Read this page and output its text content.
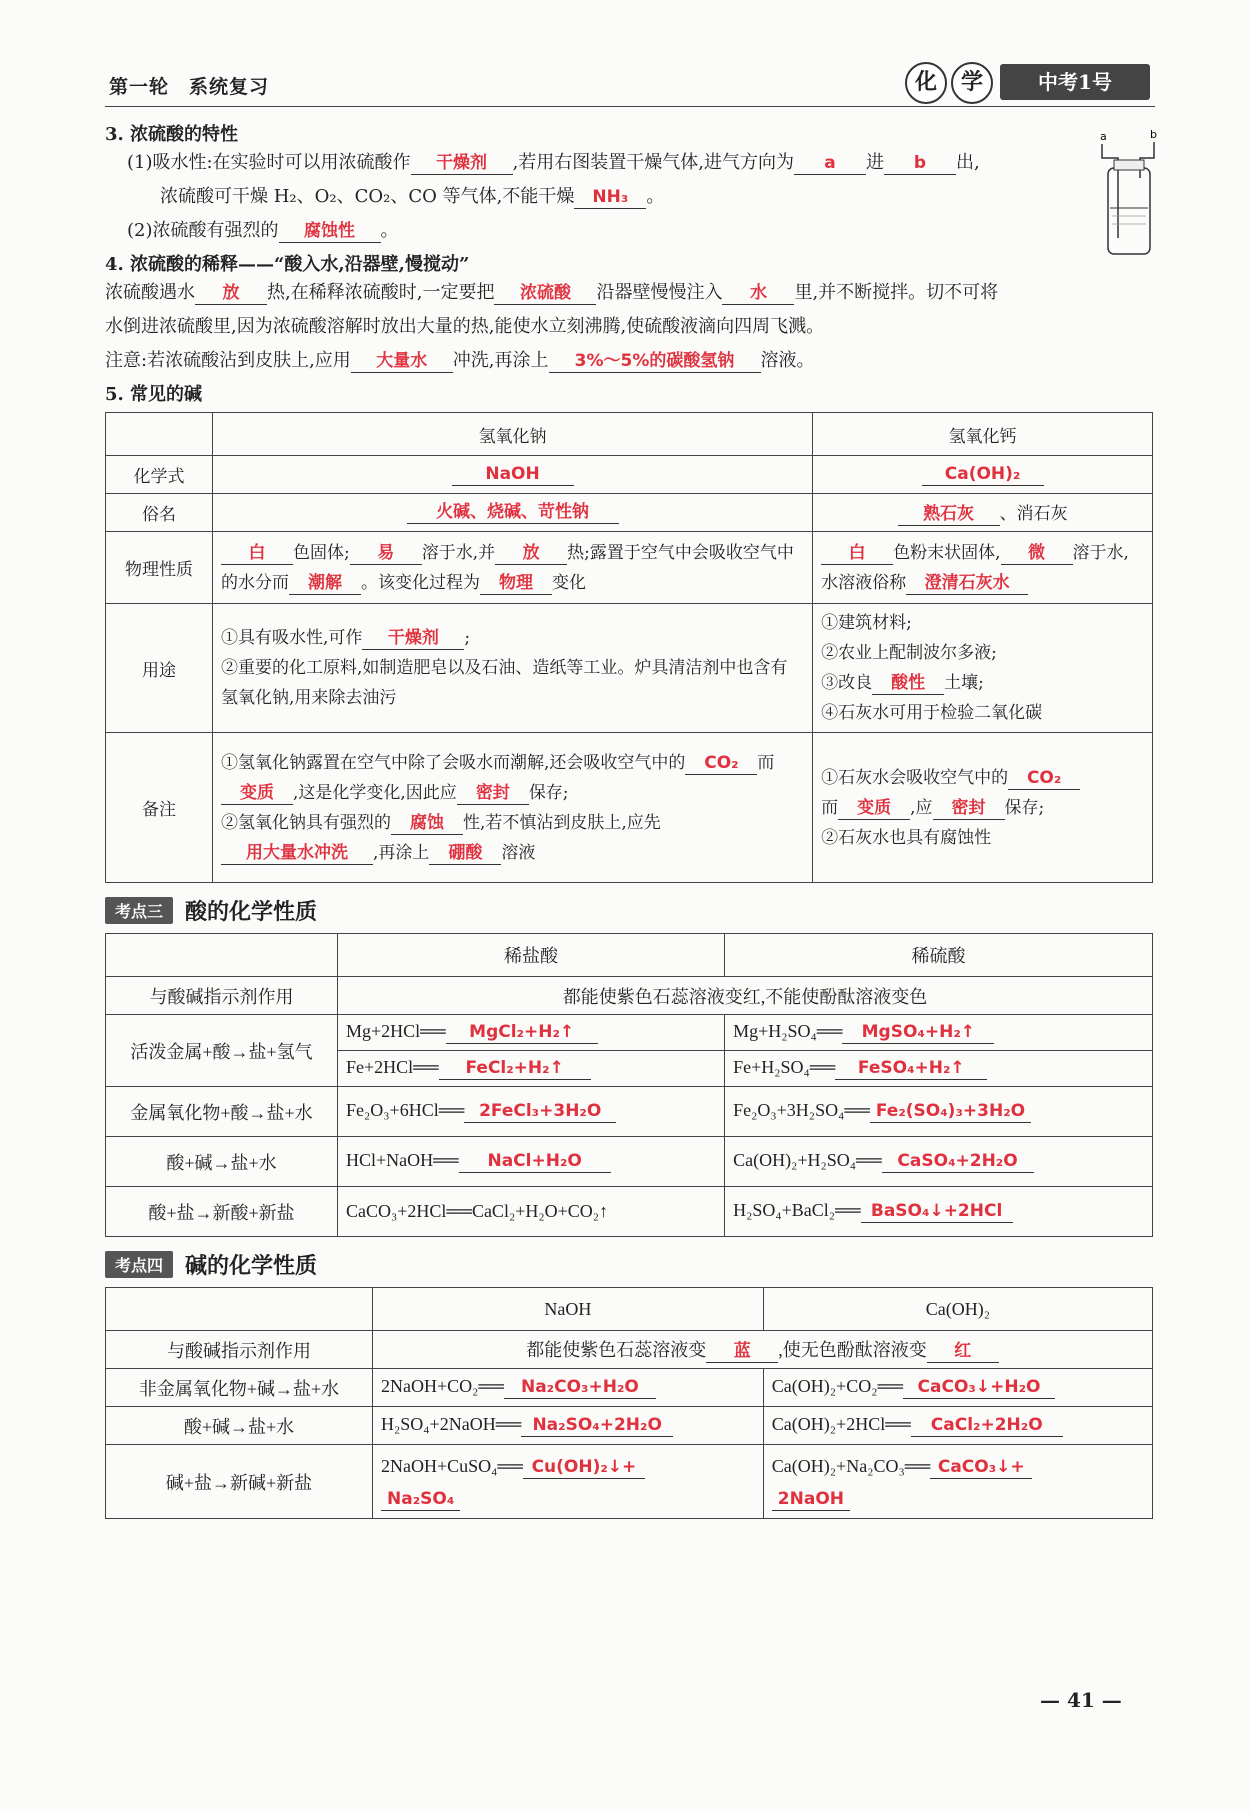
第一轮　系统复习	化	学	中考1号
a	b

3. 浓硫酸的特性

(1)吸水性:在实验时可以用浓硫酸作 干燥剂 ,若用右图装置干燥气体,进气方向为 a 进 b 出,

浓硫酸可干燥 H₂、O₂、CO₂、CO 等气体,不能干燥 NH₃ 。

(2)浓硫酸有强烈的 腐蚀性 。

4. 浓硫酸的稀释——“酸入水,沿器壁,慢搅动”

浓硫酸遇水 放 热,在稀释浓硫酸时,一定要把 浓硫酸 沿器壁慢慢注入 水 里,并不断搅拌。切不可将

水倒进浓硫酸里,因为浓硫酸溶解时放出大量的热,能使水立刻沸腾,使硫酸液滴向四周飞溅。

注意:若浓硫酸沾到皮肤上,应用 大量水 冲洗,再涂上 3%～5%的碳酸氢钠 溶液。

5. 常见的碱

	氢氧化钠	氢氧化钙
化学式	NaOH	Ca(OH)₂
俗名	火碱、烧碱、苛性钠	熟石灰 、消石灰
物理性质	白 色固体; 易 溶于水,并 放 热;露置于空气中会吸收空气中的水分而 潮解 。该变化过程为 物理 变化	白 色粉末状固体, 微 溶于水,水溶液俗称 澄清石灰水
用途	①具有吸水性,可作 干燥剂 ;
②重要的化工原料,如制造肥皂以及石油、造纸等工业。炉具清洁剂中也含有氢氧化钠,用来除去油污	①建筑材料;
②农业上配制波尔多液;
③改良 酸性 土壤;
④石灰水可用于检验二氧化碳
备注	①氢氧化钠露置在空气中除了会吸水而潮解,还会吸收空气中的 CO₂ 而变质 ,这是化学变化,因此应 密封 保存;
②氢氧化钠具有强烈的 腐蚀 性,若不慎沾到皮肤上,应先用大量水冲洗 ,再涂上 硼酸 溶液	①石灰水会吸收空气中的 CO₂
而 变质 ,应 密封 保存;
②石灰水也具有腐蚀性
考点三	酸的化学性质
	稀盐酸	稀硫酸
与酸碱指示剂作用	都能使紫色石蕊溶液变红,不能使酚酞溶液变色	
活泼金属+酸→盐+氢气	Mg+2HCl══ MgCl₂+H₂↑	Mg+H₂SO₄══ MgSO₄+H₂↑
	Fe+2HCl══ FeCl₂+H₂↑	Fe+H₂SO₄══ FeSO₄+H₂↑
金属氧化物+酸→盐+水	Fe₂O₃+6HCl══ 2FeCl₃+3H₂O	Fe₂O₃+3H₂SO₄══ Fe₂(SO₄)₃+3H₂O
酸+碱→盐+水	HCl+NaOH══ NaCl+H₂O	Ca(OH)₂+H₂SO₄══ CaSO₄+2H₂O
酸+盐→新酸+新盐	CaCO₃+2HCl══CaCl₂+H₂O+CO₂↑	H₂SO₄+BaCl₂══ BaSO₄↓+2HCl
考点四	碱的化学性质
	NaOH	Ca(OH)₂
与酸碱指示剂作用	都能使紫色石蕊溶液变 蓝 ,使无色酚酞溶液变 红	
非金属氧化物+碱→盐+水	2NaOH+CO₂══ Na₂CO₃+H₂O	Ca(OH)₂+CO₂══ CaCO₃↓+H₂O
酸+碱→盐+水	H₂SO₄+2NaOH══ Na₂SO₄+2H₂O	Ca(OH)₂+2HCl══ CaCl₂+2H₂O
碱+盐→新碱+新盐	2NaOH+CuSO₄══ Cu(OH)₂↓+
Na₂SO₄	Ca(OH)₂+Na₂CO₃══ CaCO₃↓+
2NaOH
— 41 —
